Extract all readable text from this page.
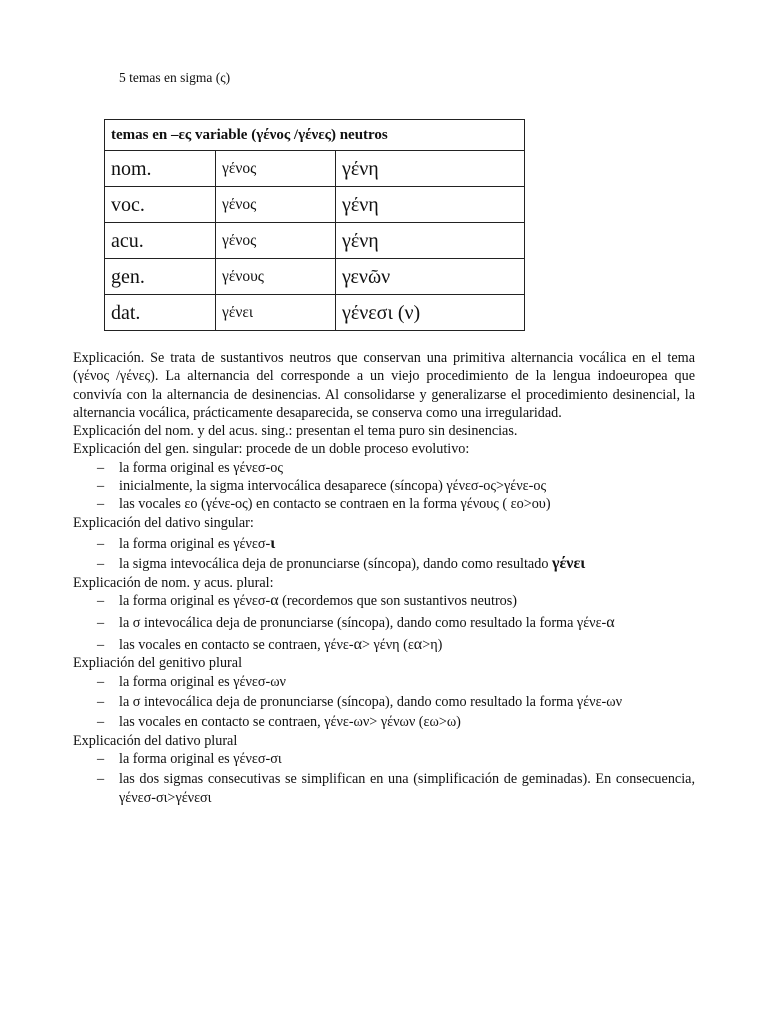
5 temas en sigma (ς)
temas en –ες variable (γένος /γένες) neutros		
nom.	γένος	γένη
voc.	γένος	γένη
acu.	γένος	γένη
gen.	γένους	γενῶν
dat.	γένει	γένεσι (ν)
Explicación. Se trata de sustantivos neutros que conservan una primitiva alternancia vocálica en el tema (γένος /γένες). La alternancia del corresponde a un viejo procedimiento de la lengua indoeuropea que convivía con la alternancia de desinencias. Al consolidarse y generalizarse el procedimiento desinencial, la alternancia vocálica, prácticamente desaparecida, se conserva como una irregularidad.
Explicación del nom. y del acus. sing.: presentan el tema puro sin desinencias.
Explicación del gen. singular: procede de un doble proceso evolutivo:
– la forma original es γένεσ-ος
– inicialmente, la sigma intervocálica desaparece (síncopa) γένεσ-ος>γένε-ος
– las vocales εο (γένε-ος) en contacto se contraen en la forma γένους ( εο>ου)
Explicación del dativo singular:
– la forma original es γένεσ-ι
– la sigma intevocálica deja de pronunciarse (síncopa), dando como resultado γένει
Explicación de nom. y acus. plural:
– la forma original es γένεσ-α (recordemos que son sustantivos neutros)
– la σ intevocálica deja de pronunciarse (síncopa), dando como resultado la forma γένε-α
– las vocales en contacto se contraen, γένε-α> γένη (εα>η)
Expliación del genitivo plural
– la forma original es γένεσ-ων
– la σ intevocálica deja de pronunciarse (síncopa), dando como resultado la forma γένε-ων
– las vocales en contacto se contraen, γένε-ων> γένων (εω>ω)
Explicación del dativo plural
– la forma original es γένεσ-σι
– las dos sigmas consecutivas se simplifican en una (simplificación de geminadas). En consecuencia, γένεσ-σι>γένεσι
